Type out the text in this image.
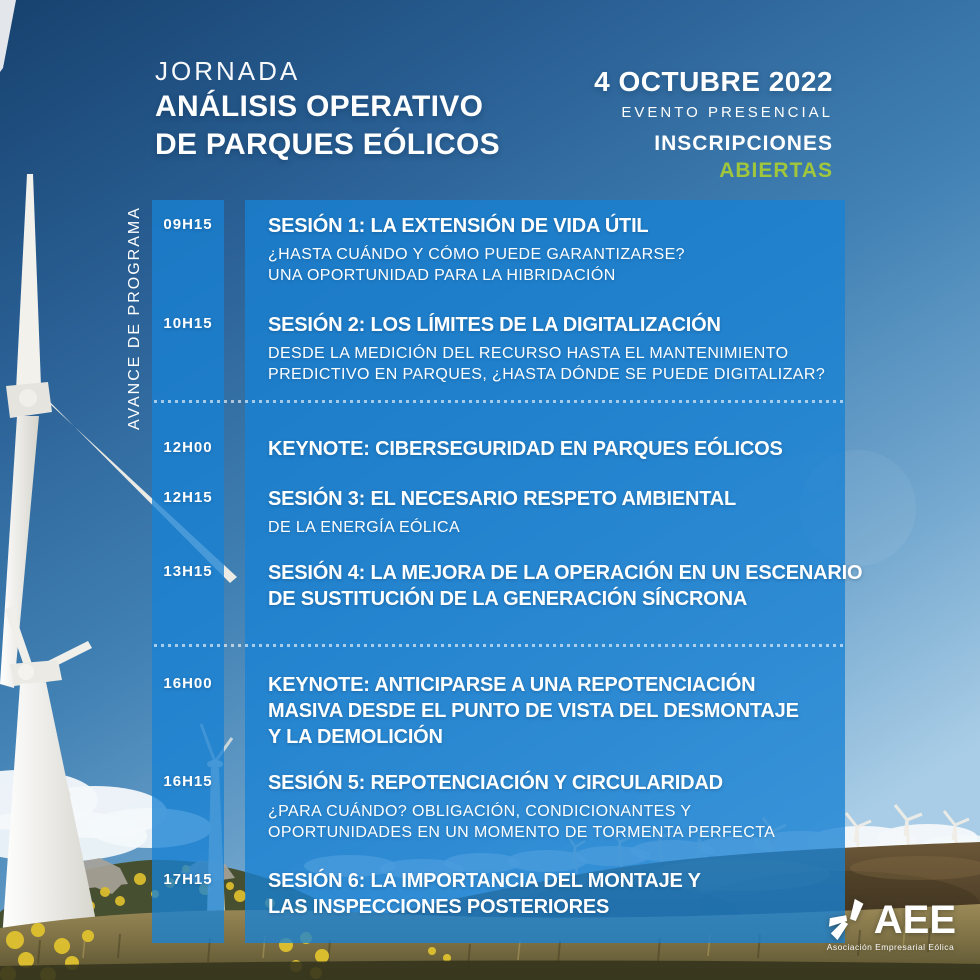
JORNADA
ANÁLISIS OPERATIVO
DE PARQUES EÓLICOS
4 OCTUBRE 2022
EVENTO PRESENCIAL
INSCRIPCIONES
ABIERTAS
AVANCE DE PROGRAMA	09H15	SESIÓN 1: LA EXTENSIÓN DE VIDA ÚTIL
¿HASTA CUÁNDO Y CÓMO PUEDE GARANTIZARSE?
UNA OPORTUNIDAD PARA LA HIBRIDACIÓN
10H15	SESIÓN 2: LOS LÍMITES DE LA DIGITALIZACIÓN
DESDE LA MEDICIÓN DEL RECURSO HASTA EL MANTENIMIENTO
PREDICTIVO EN PARQUES, ¿HASTA DÓNDE SE PUEDE DIGITALIZAR?
12H00	KEYNOTE: CIBERSEGURIDAD EN PARQUES EÓLICOS
12H15	SESIÓN 3: EL NECESARIO RESPETO AMBIENTAL
DE LA ENERGÍA EÓLICA
13H15	SESIÓN 4: LA MEJORA DE LA OPERACIÓN EN UN ESCENARIO
DE SUSTITUCIÓN DE LA GENERACIÓN SÍNCRONA
16H00	KEYNOTE: ANTICIPARSE A UNA REPOTENCIACIÓN
MASIVA DESDE EL PUNTO DE VISTA DEL DESMONTAJE
Y LA DEMOLICIÓN
16H15	SESIÓN 5: REPOTENCIACIÓN Y CIRCULARIDAD
¿PARA CUÁNDO? OBLIGACIÓN, CONDICIONANTES Y
OPORTUNIDADES EN UN MOMENTO DE TORMENTA PERFECTA
17H15	SESIÓN 6: LA IMPORTANCIA DEL MONTAJE Y
LAS INSPECCIONES POSTERIORES	AEE
Asociación Empresarial Eólica
